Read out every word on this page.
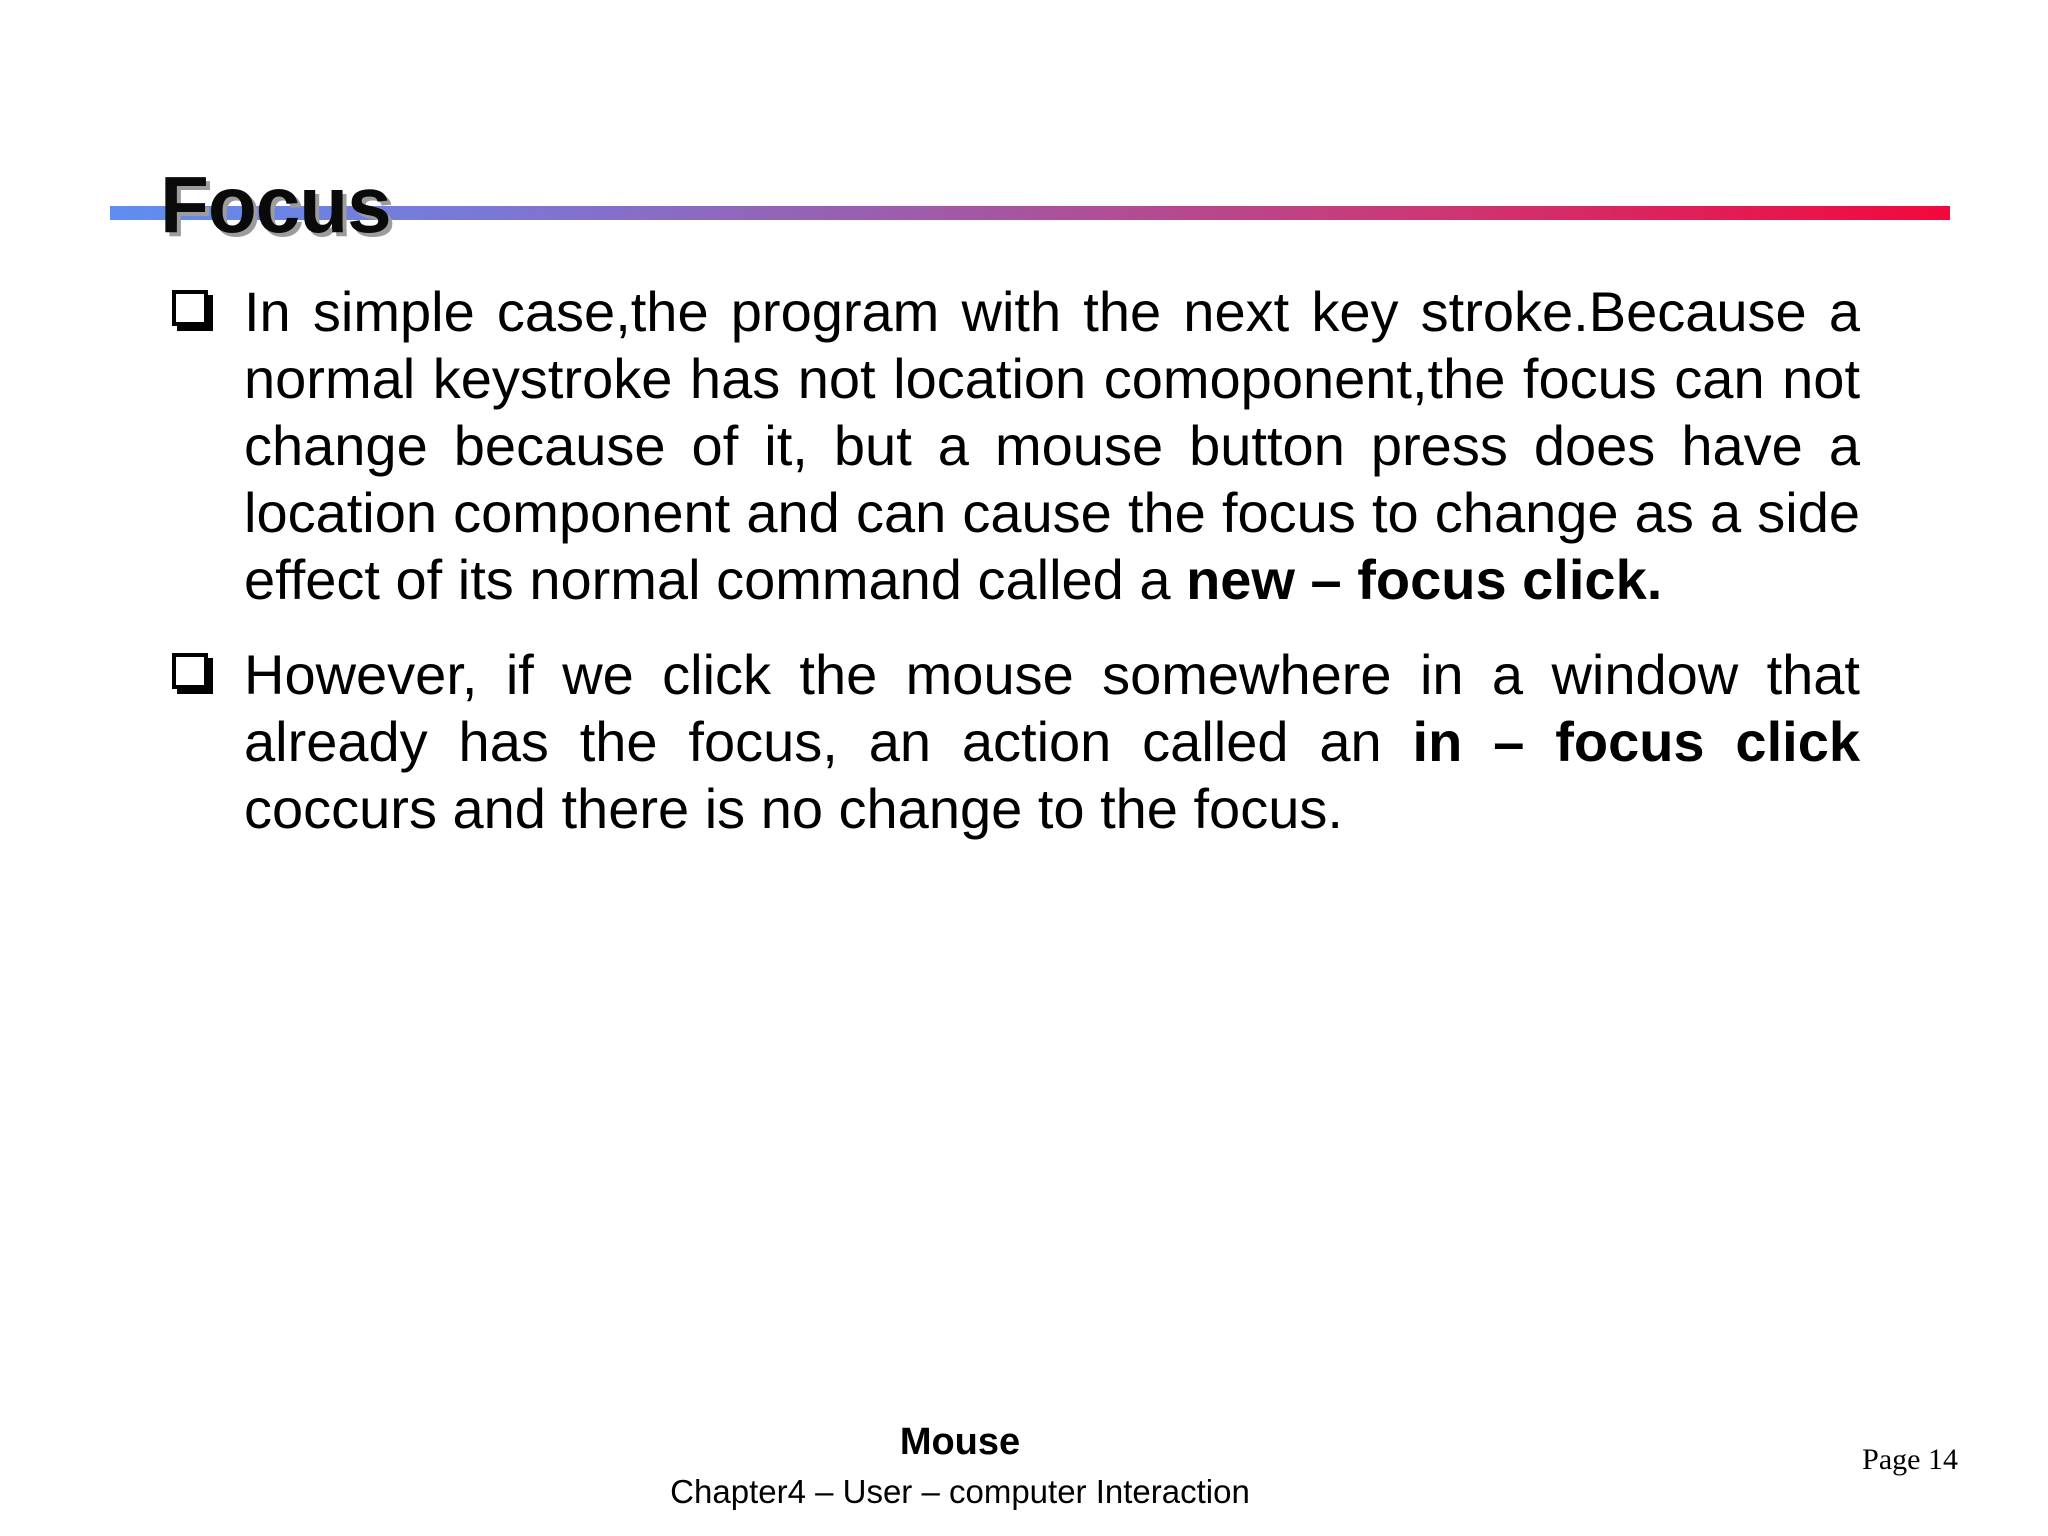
Focus
In simple case,the program with the next key stroke.Because a normal keystroke has not location comoponent,the focus can not change because of it, but a mouse button press does have a location component and can cause the focus to change as a side effect of its normal command called a new – focus click.
However, if we click the mouse somewhere in a window that already has the focus, an action called an in – focus click coccurs and there is no change to the focus.
Mouse
Chapter4 – User – computer Interaction
Page 14
